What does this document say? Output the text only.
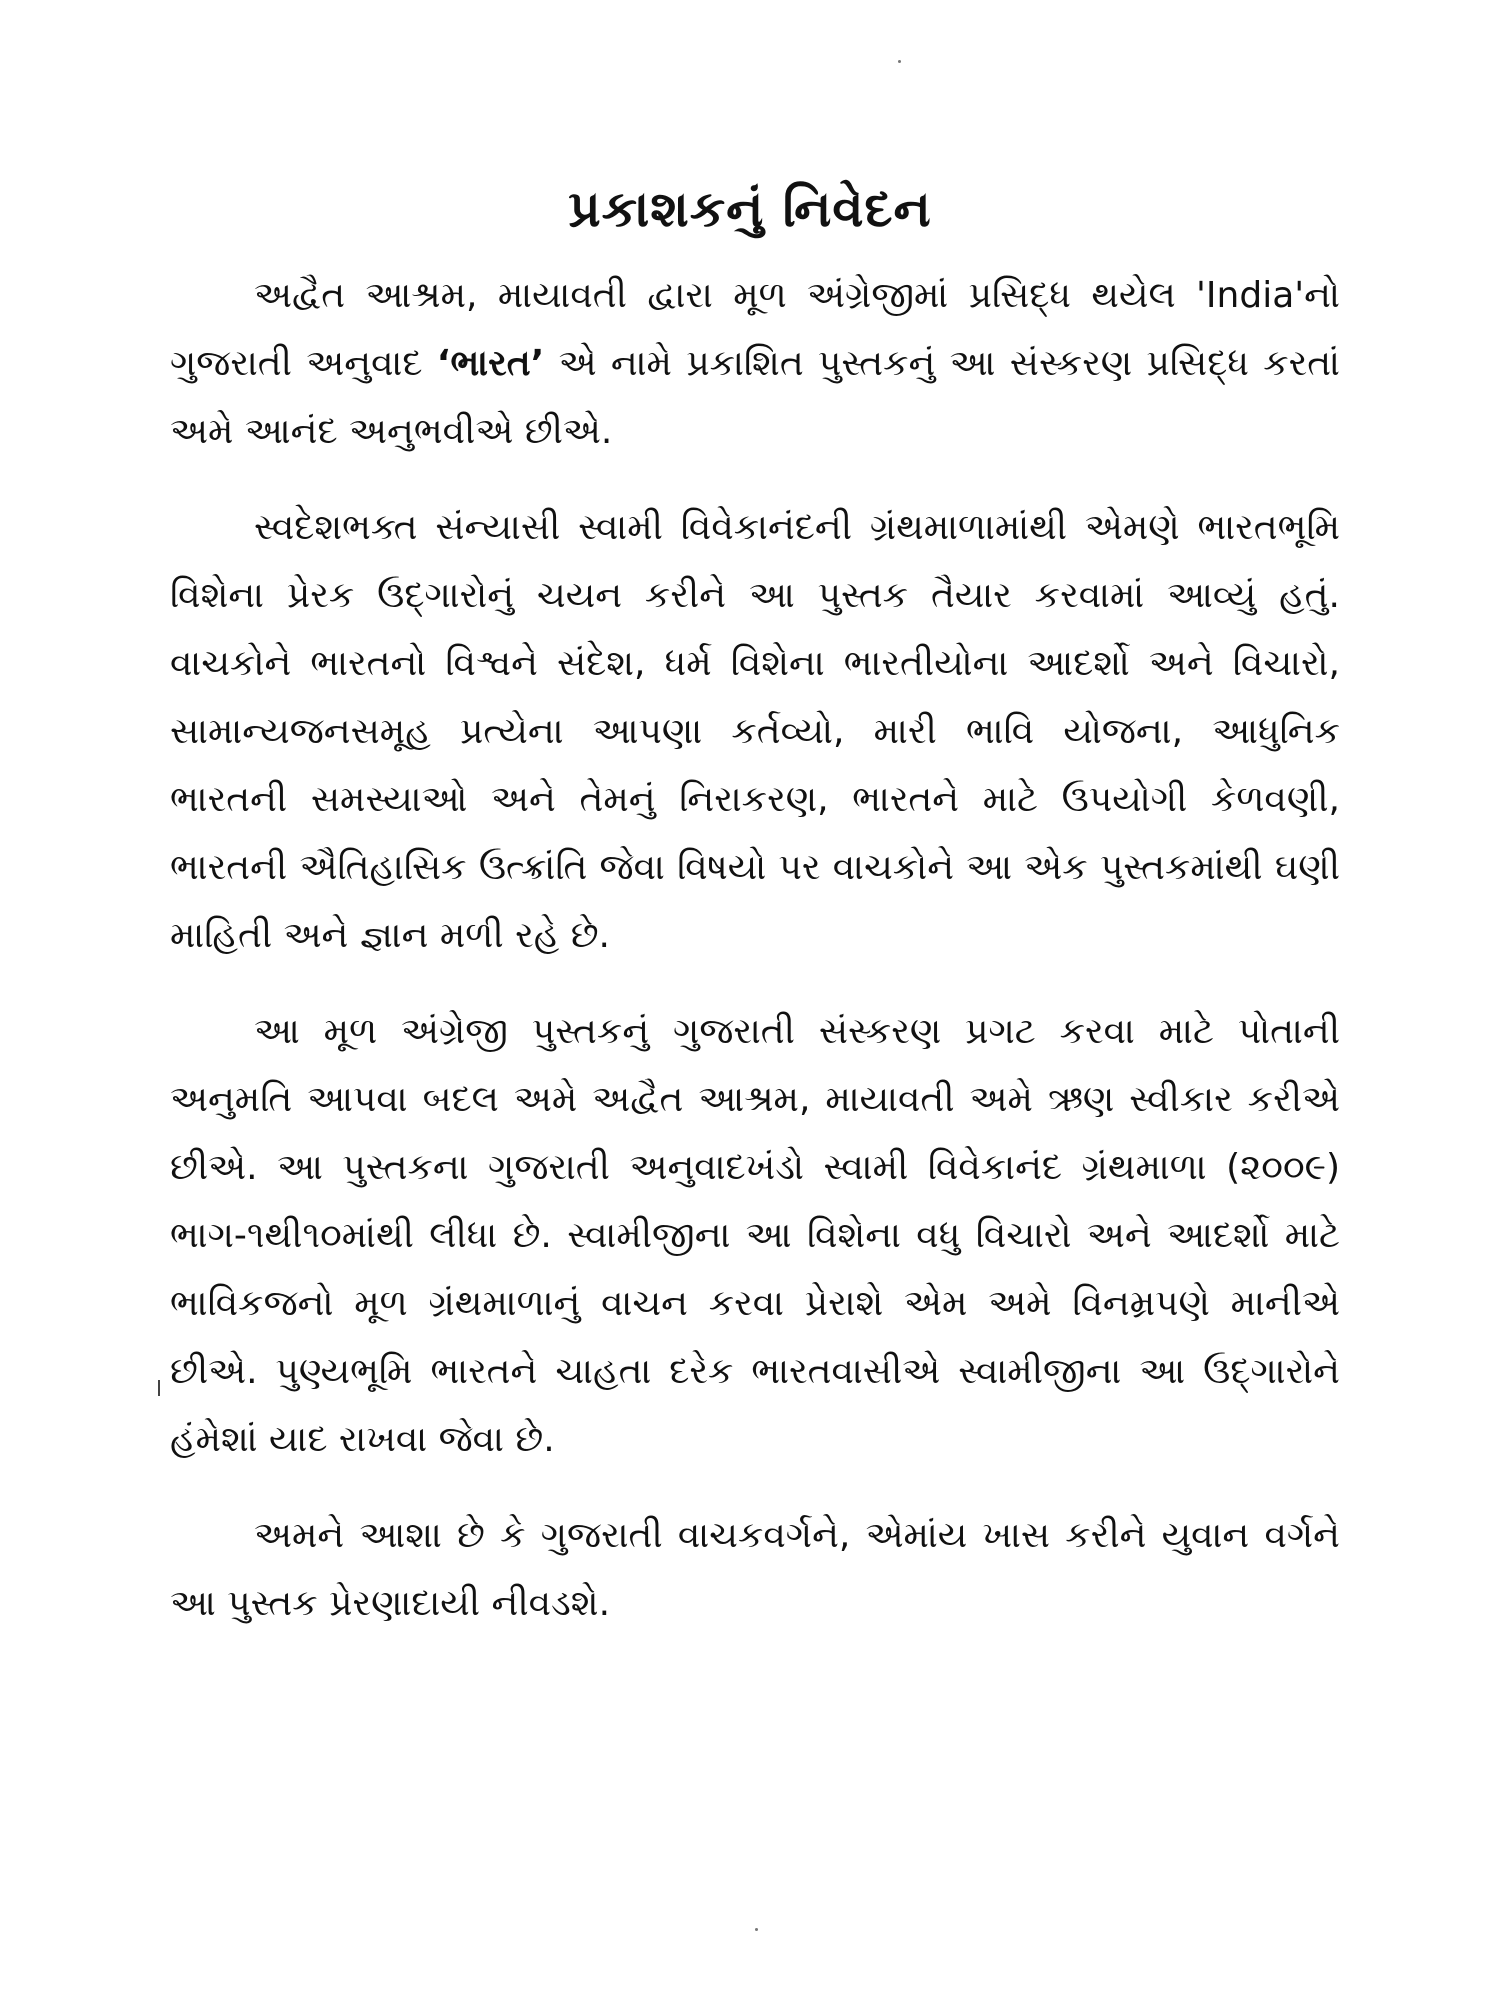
પ્રકાશકનું નિવેદન

અદ્વૈત આશ્રમ, માયાવતી દ્વારા મૂળ અંગ્રેજીમાં પ્રસિદ્ધ થયેલ 'India'નો ગુજરાતી અનુવાદ ‘ભારત’ એ નામે પ્રકાશિત પુસ્તકનું આ સંસ્કરણ પ્રસિદ્ધ કરતાં અમે આનંદ અનુભવીએ છીએ.

સ્વદેશભક્ત સંન્યાસી સ્વામી વિવેકાનંદની ગ્રંથમાળામાંથી એમણે ભારતભૂમિ વિશેના પ્રેરક ઉદ્‌ગારોનું ચયન કરીને આ પુસ્તક તૈયાર કરવામાં આવ્યું હતું. વાચકોને ભારતનો વિશ્વને સંદેશ, ધર્મ વિશેના ભારતીયોના આદર્શો અને વિચારો, સામાન્યજનસમૂહ પ્રત્યેના આપણા કર્તવ્યો, મારી ભાવિ યોજના, આધુનિક ભારતની સમસ્યાઓ અને તેમનું નિરાકરણ, ભારતને માટે ઉપયોગી કેળવણી, ભારતની ઐતિહાસિક ઉત્ક્રાંતિ જેવા વિષયો પર વાચકોને આ એક પુસ્તકમાંથી ઘણી માહિતી અને જ્ઞાન મળી રહે છે.

આ મૂળ અંગ્રેજી પુસ્તકનું ગુજરાતી સંસ્કરણ પ્રગટ કરવા માટે પોતાની અનુમતિ આપવા બદલ અમે અદ્વૈત આશ્રમ, માયાવતી અમે ઋણ સ્વીકાર કરીએ છીએ. આ પુસ્તકના ગુજરાતી અનુવાદખંડો સ્વામી વિવેકાનંદ ગ્રંથમાળા (૨૦૦૯) ભાગ-૧થી૧૦માંથી લીધા છે. સ્વામીજીના આ વિશેના વધુ વિચારો અને આદર્શો માટે ભાવિકજનો મૂળ ગ્રંથમાળાનું વાચન કરવા પ્રેરાશે એમ અમે વિનમ્રપણે માનીએ છીએ. પુણ્યભૂમિ ભારતને ચાહતા દરેક ભારતવાસીએ સ્વામીજીના આ ઉદ્‌ગારોને હંમેશાં યાદ રાખવા જેવા છે.

અમને આશા છે કે ગુજરાતી વાચકવર્ગને, એમાંય ખાસ કરીને યુવાન વર્ગને આ પુસ્તક પ્રેરણાદાયી નીવડશે.
